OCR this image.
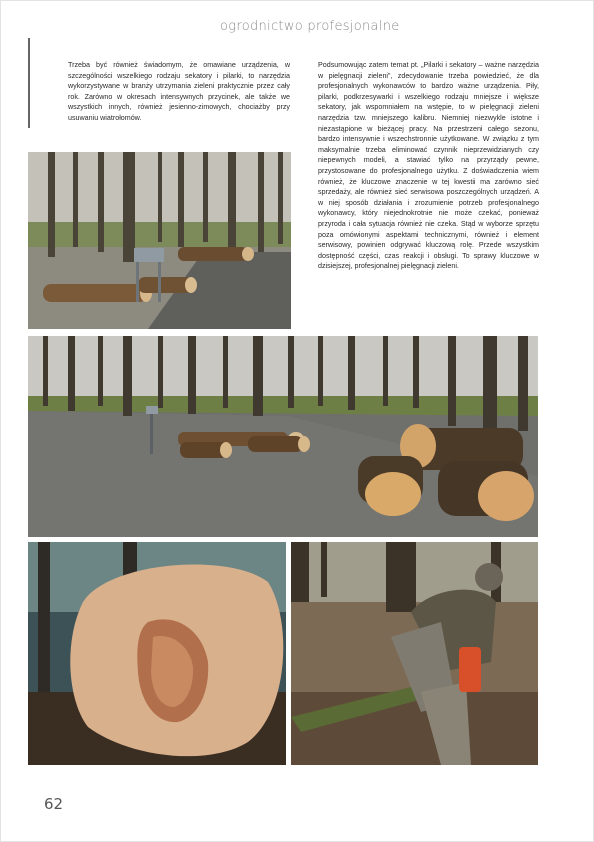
ogrodnictwo profesjonalne
Trzeba być również świadomym, że omawiane urządzenia, w szczególności wszelkiego rodzaju sekatory i pilarki, to narzędzia wykorzystywane w branży utrzymania zieleni praktycznie przez cały rok. Zarówno w okresach intensywnych przycinek, ale także we wszystkich innych, również jesienno-zimowych, chociażby przy usuwaniu wiatrołomów.
Podsumowując zatem temat pt. „Pilarki i sekatory – ważne narzędzia w pielęgnacji zieleni”, zdecydowanie trzeba powiedzieć, że dla profesjonalnych wykonawców to bardzo ważne urządzenia. Piły, pilarki, podkrzesywarki i wszelkiego rodzaju mniejsze i większe sekatory, jak wspomniałem na wstępie, to w pielęgnacji zieleni narzędzia tzw. mniejszego kalibru. Niemniej niezwykle istotne i niezastąpione w bieżącej pracy. Na przestrzeni całego sezonu, bardzo intensywnie i wszechstronnie użytkowane. W związku z tym maksymalnie trzeba eliminować czynnik nieprzewidzianych czy niepewnych modeli, a stawiać tylko na przyrządy pewne, przystosowane do profesjonalnego użytku. Z doświadczenia wiem również, że kluczowe znaczenie w tej kwestii ma zarówno sieć sprzedaży, ale również sieć serwisowa poszczególnych urządzeń. A w niej sposób działania i zrozumienie potrzeb profesjonalnego wykonawcy, który niejednokrotnie nie może czekać, ponieważ przyroda i cała sytuacja również nie czeka. Stąd w wyborze sprzętu poza omówionymi aspektami technicznymi, również i element serwisowy, powinien odgrywać kluczową rolę. Przede wszystkim dostępność części, czas reakcji i obsługi. To sprawy kluczowe w dzisiejszej, profesjonalnej pielęgnacji zieleni.
62
